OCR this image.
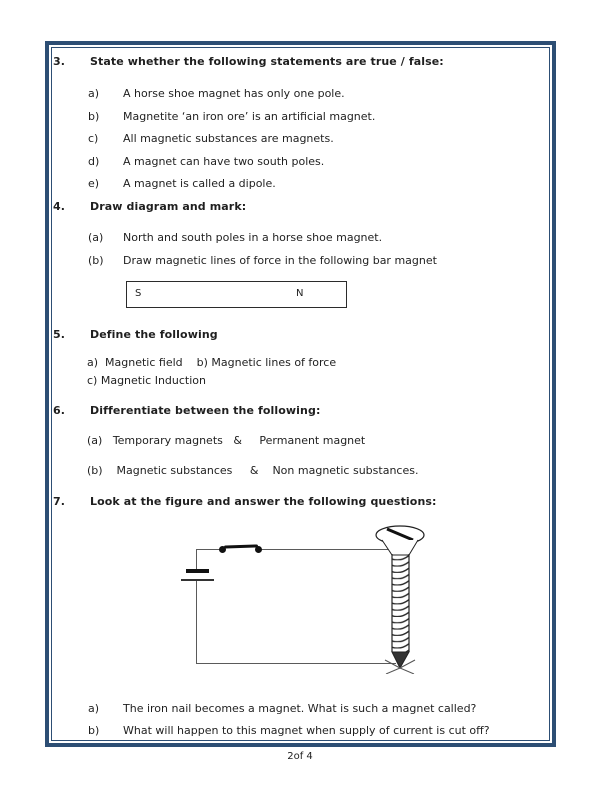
3.

State whether the following statements are true / false:

a)

A horse shoe magnet has only one pole.

b)

Magnetite ‘an iron ore’ is an artificial magnet.

c)

All magnetic substances are magnets.

d)

A magnet can have two south poles.

e)

A magnet is called a dipole.

4.

Draw diagram and mark:

(a)

North and south poles in a horse shoe magnet.

(b)

Draw magnetic lines of force in the following bar magnet

S	N

5.

Define the following

a)  Magnetic field    b) Magnetic lines of force

c) Magnetic Induction

6.

Differentiate between the following:

(a)   Temporary magnets   &     Permanent magnet

(b)    Magnetic substances     &    Non magnetic substances.

7.

Look at the figure and answer the following questions:

a)

The iron nail becomes a magnet. What is such a magnet called?

b)

What will happen to this magnet when supply of current is cut off?

2of 4
